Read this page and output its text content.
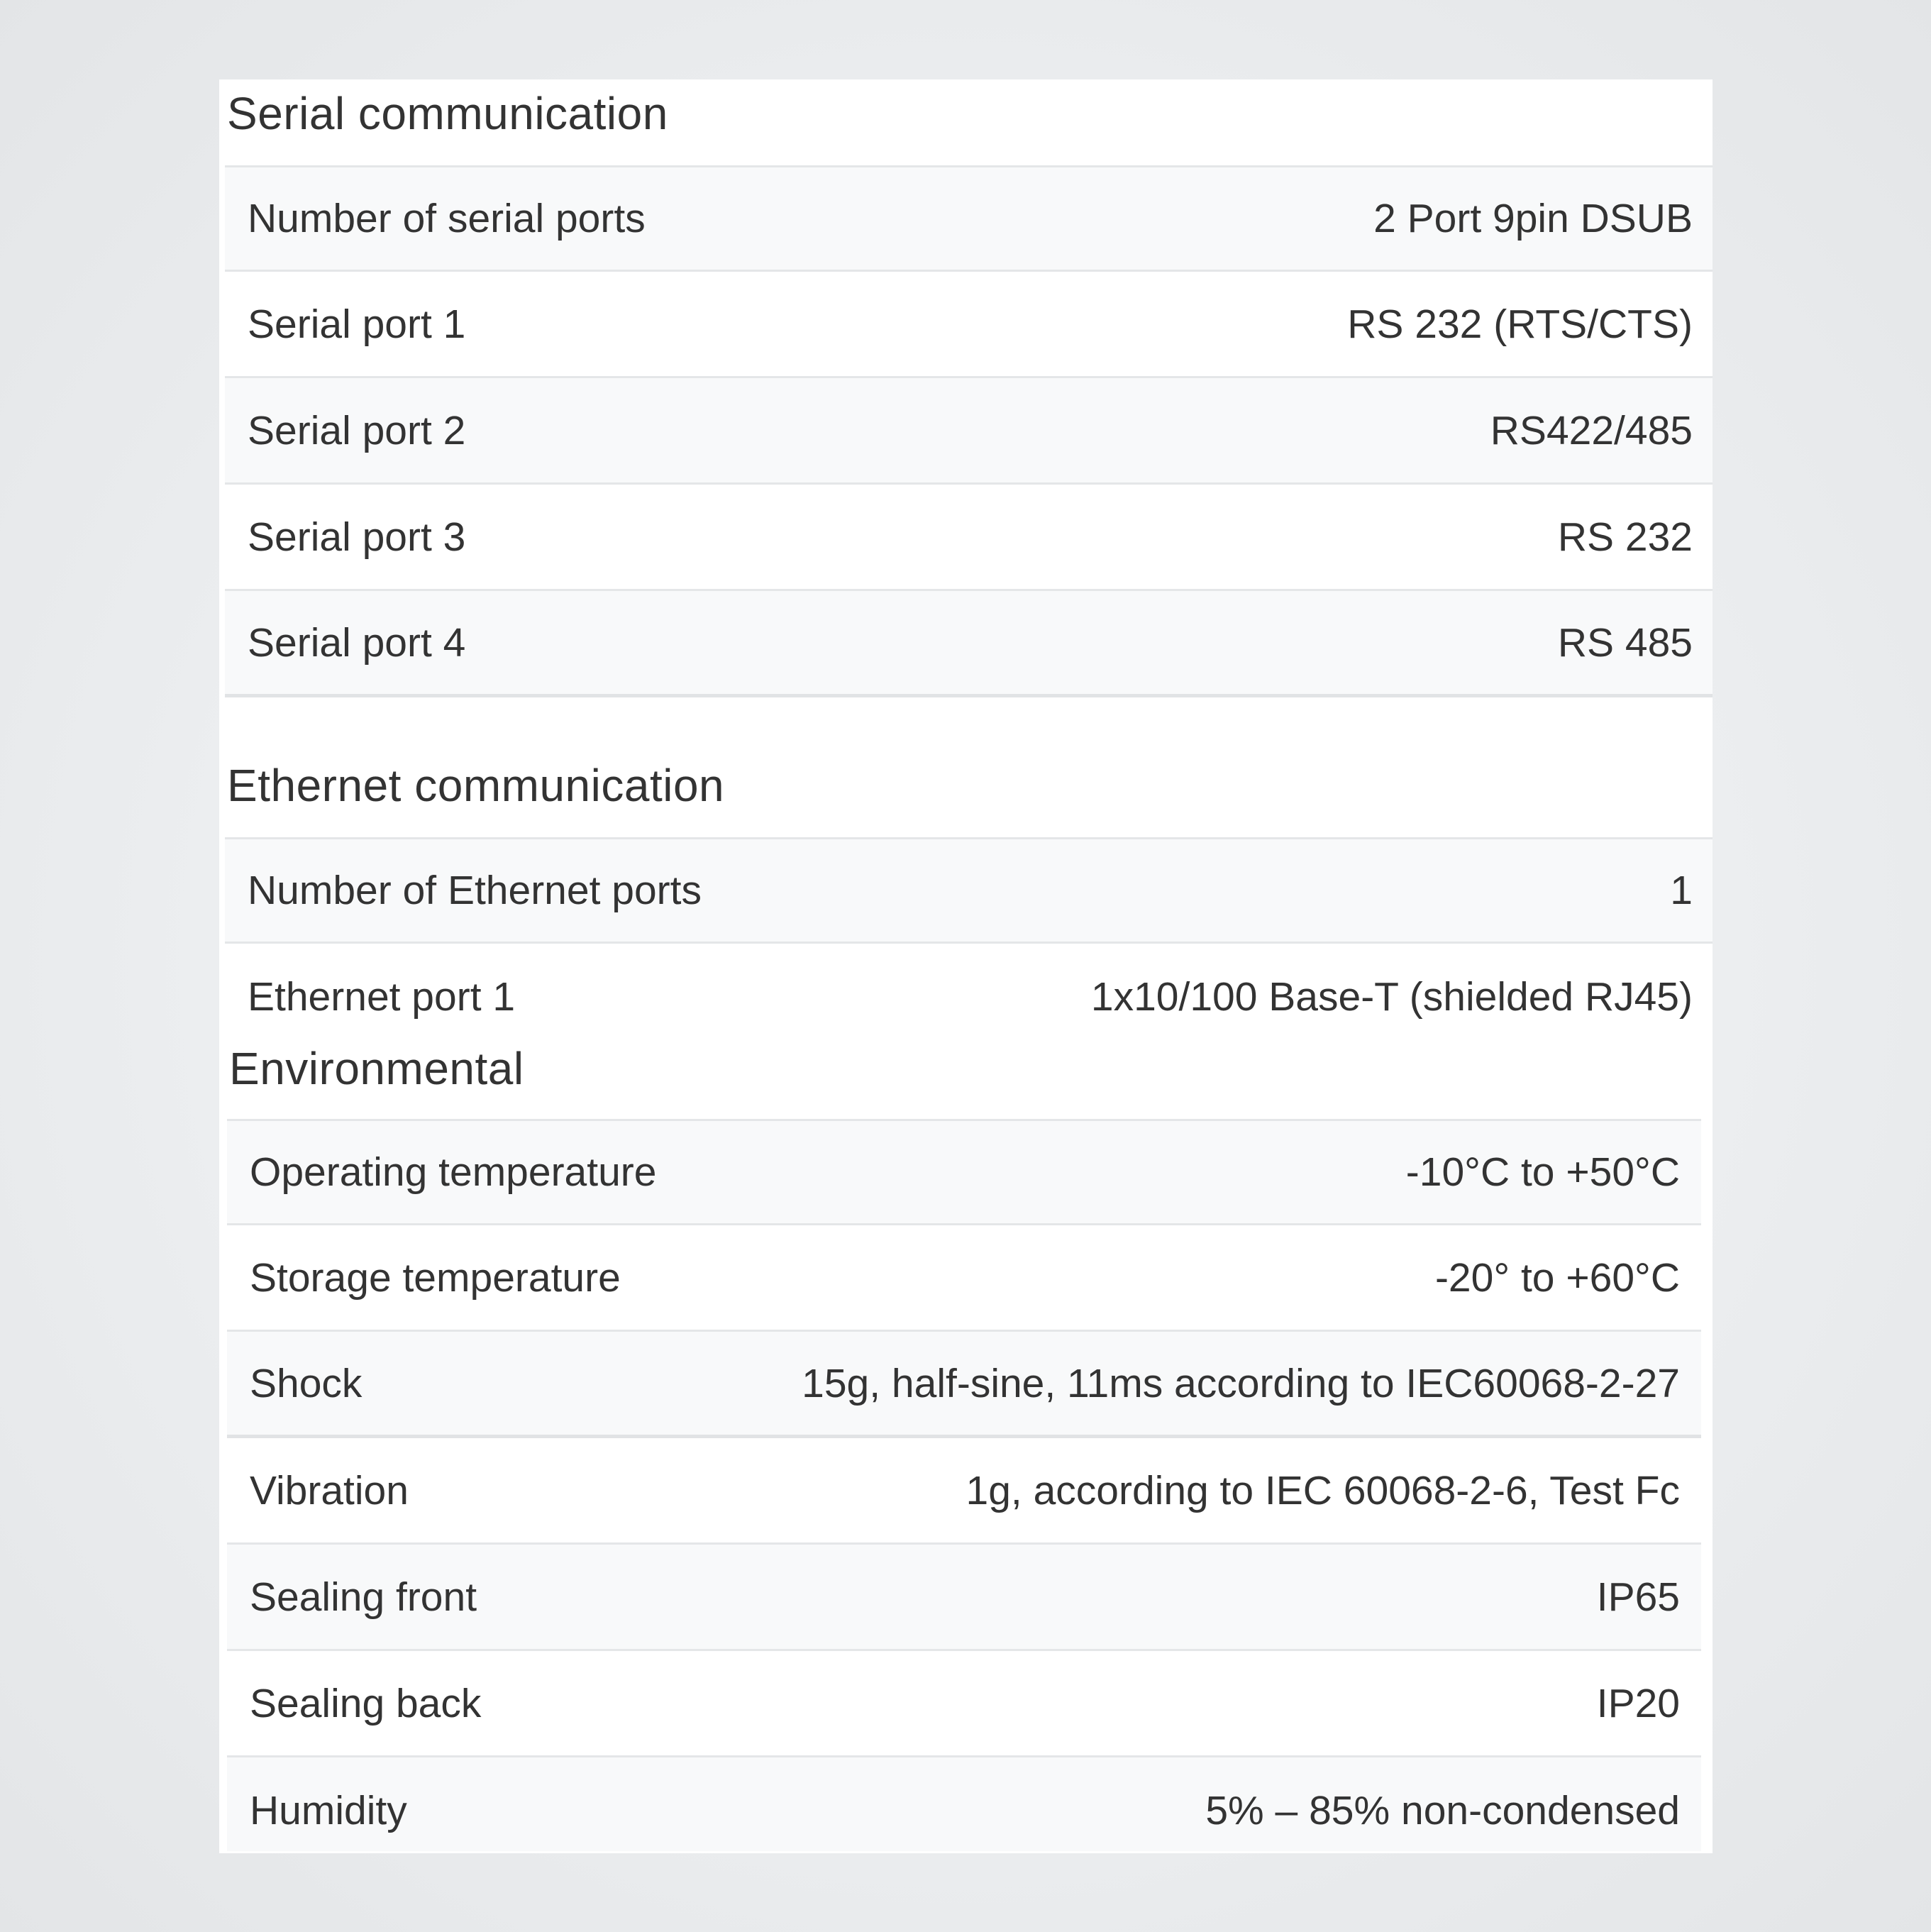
Serial communication
Number of serial ports	2 Port 9pin DSUB
Serial port 1	RS 232 (RTS/CTS)
Serial port 2	RS422/485
Serial port 3	RS 232
Serial port 4	RS 485
Ethernet communication
Number of Ethernet ports	1
Ethernet port 1	1x10/100 Base-T (shielded RJ45)
Environmental
Operating temperature	-10°C to +50°C
Storage temperature	-20° to +60°C
Shock	15g, half-sine, 11ms according to IEC60068-2-27
Vibration	1g, according to IEC 60068-2-6, Test Fc
Sealing front	IP65
Sealing back	IP20
Humidity	5% – 85% non-condensed
